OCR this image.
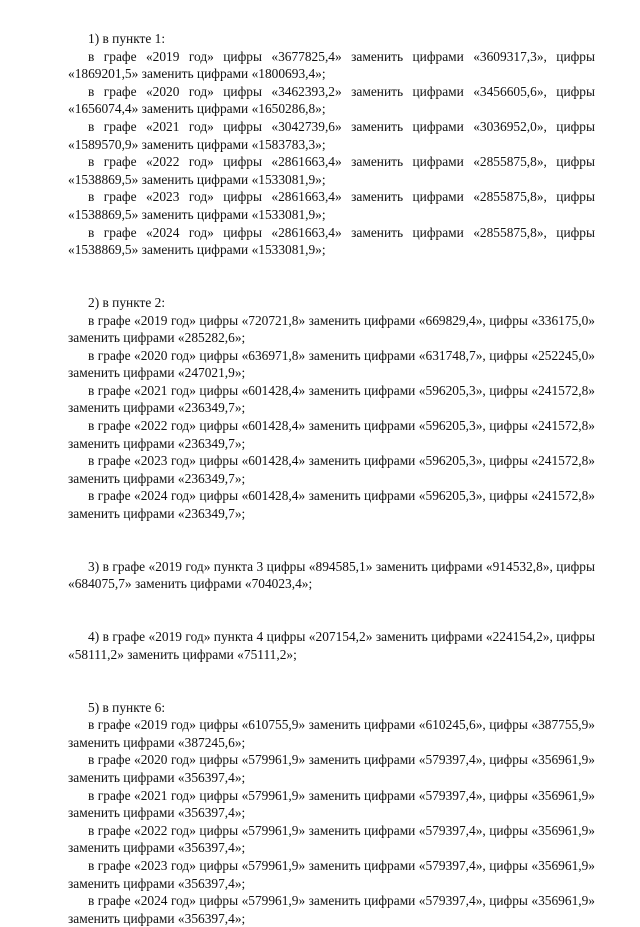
1) в пункте 1:
в графе «2019 год» цифры «3677825,4» заменить цифрами «3609317,3», цифры «1869201,5» заменить цифрами «1800693,4»;
в графе «2020 год» цифры «3462393,2» заменить цифрами «3456605,6», цифры «1656074,4» заменить цифрами «1650286,8»;
в графе «2021 год» цифры «3042739,6» заменить цифрами «3036952,0», цифры «1589570,9» заменить цифрами «1583783,3»;
в графе «2022 год» цифры «2861663,4» заменить цифрами «2855875,8», цифры «1538869,5» заменить цифрами «1533081,9»;
в графе «2023 год» цифры «2861663,4» заменить цифрами «2855875,8», цифры «1538869,5» заменить цифрами «1533081,9»;
в графе «2024 год» цифры «2861663,4» заменить цифрами «2855875,8», цифры «1538869,5» заменить цифрами «1533081,9»;
2) в пункте 2:
в графе «2019 год» цифры «720721,8» заменить цифрами «669829,4», цифры «336175,0» заменить цифрами «285282,6»;
в графе «2020 год» цифры «636971,8» заменить цифрами «631748,7», цифры «252245,0» заменить цифрами «247021,9»;
в графе «2021 год» цифры «601428,4» заменить цифрами «596205,3», цифры «241572,8» заменить цифрами «236349,7»;
в графе «2022 год» цифры «601428,4» заменить цифрами «596205,3», цифры «241572,8» заменить цифрами «236349,7»;
в графе «2023 год» цифры «601428,4» заменить цифрами «596205,3», цифры «241572,8» заменить цифрами «236349,7»;
в графе «2024 год» цифры «601428,4» заменить цифрами «596205,3», цифры «241572,8» заменить цифрами «236349,7»;
3) в графе «2019 год» пункта 3 цифры «894585,1» заменить цифрами «914532,8», цифры «684075,7» заменить цифрами «704023,4»;
4) в графе «2019 год» пункта 4 цифры «207154,2» заменить цифрами «224154,2», цифры «58111,2» заменить цифрами «75111,2»;
5) в пункте 6:
в графе «2019 год» цифры «610755,9» заменить цифрами «610245,6», цифры «387755,9» заменить цифрами «387245,6»;
в графе «2020 год» цифры «579961,9» заменить цифрами «579397,4», цифры «356961,9» заменить цифрами «356397,4»;
в графе «2021 год» цифры «579961,9» заменить цифрами «579397,4», цифры «356961,9» заменить цифрами «356397,4»;
в графе «2022 год» цифры «579961,9» заменить цифрами «579397,4», цифры «356961,9» заменить цифрами «356397,4»;
в графе «2023 год» цифры «579961,9» заменить цифрами «579397,4», цифры «356961,9» заменить цифрами «356397,4»;
в графе «2024 год» цифры «579961,9» заменить цифрами «579397,4», цифры «356961,9» заменить цифрами «356397,4»;
